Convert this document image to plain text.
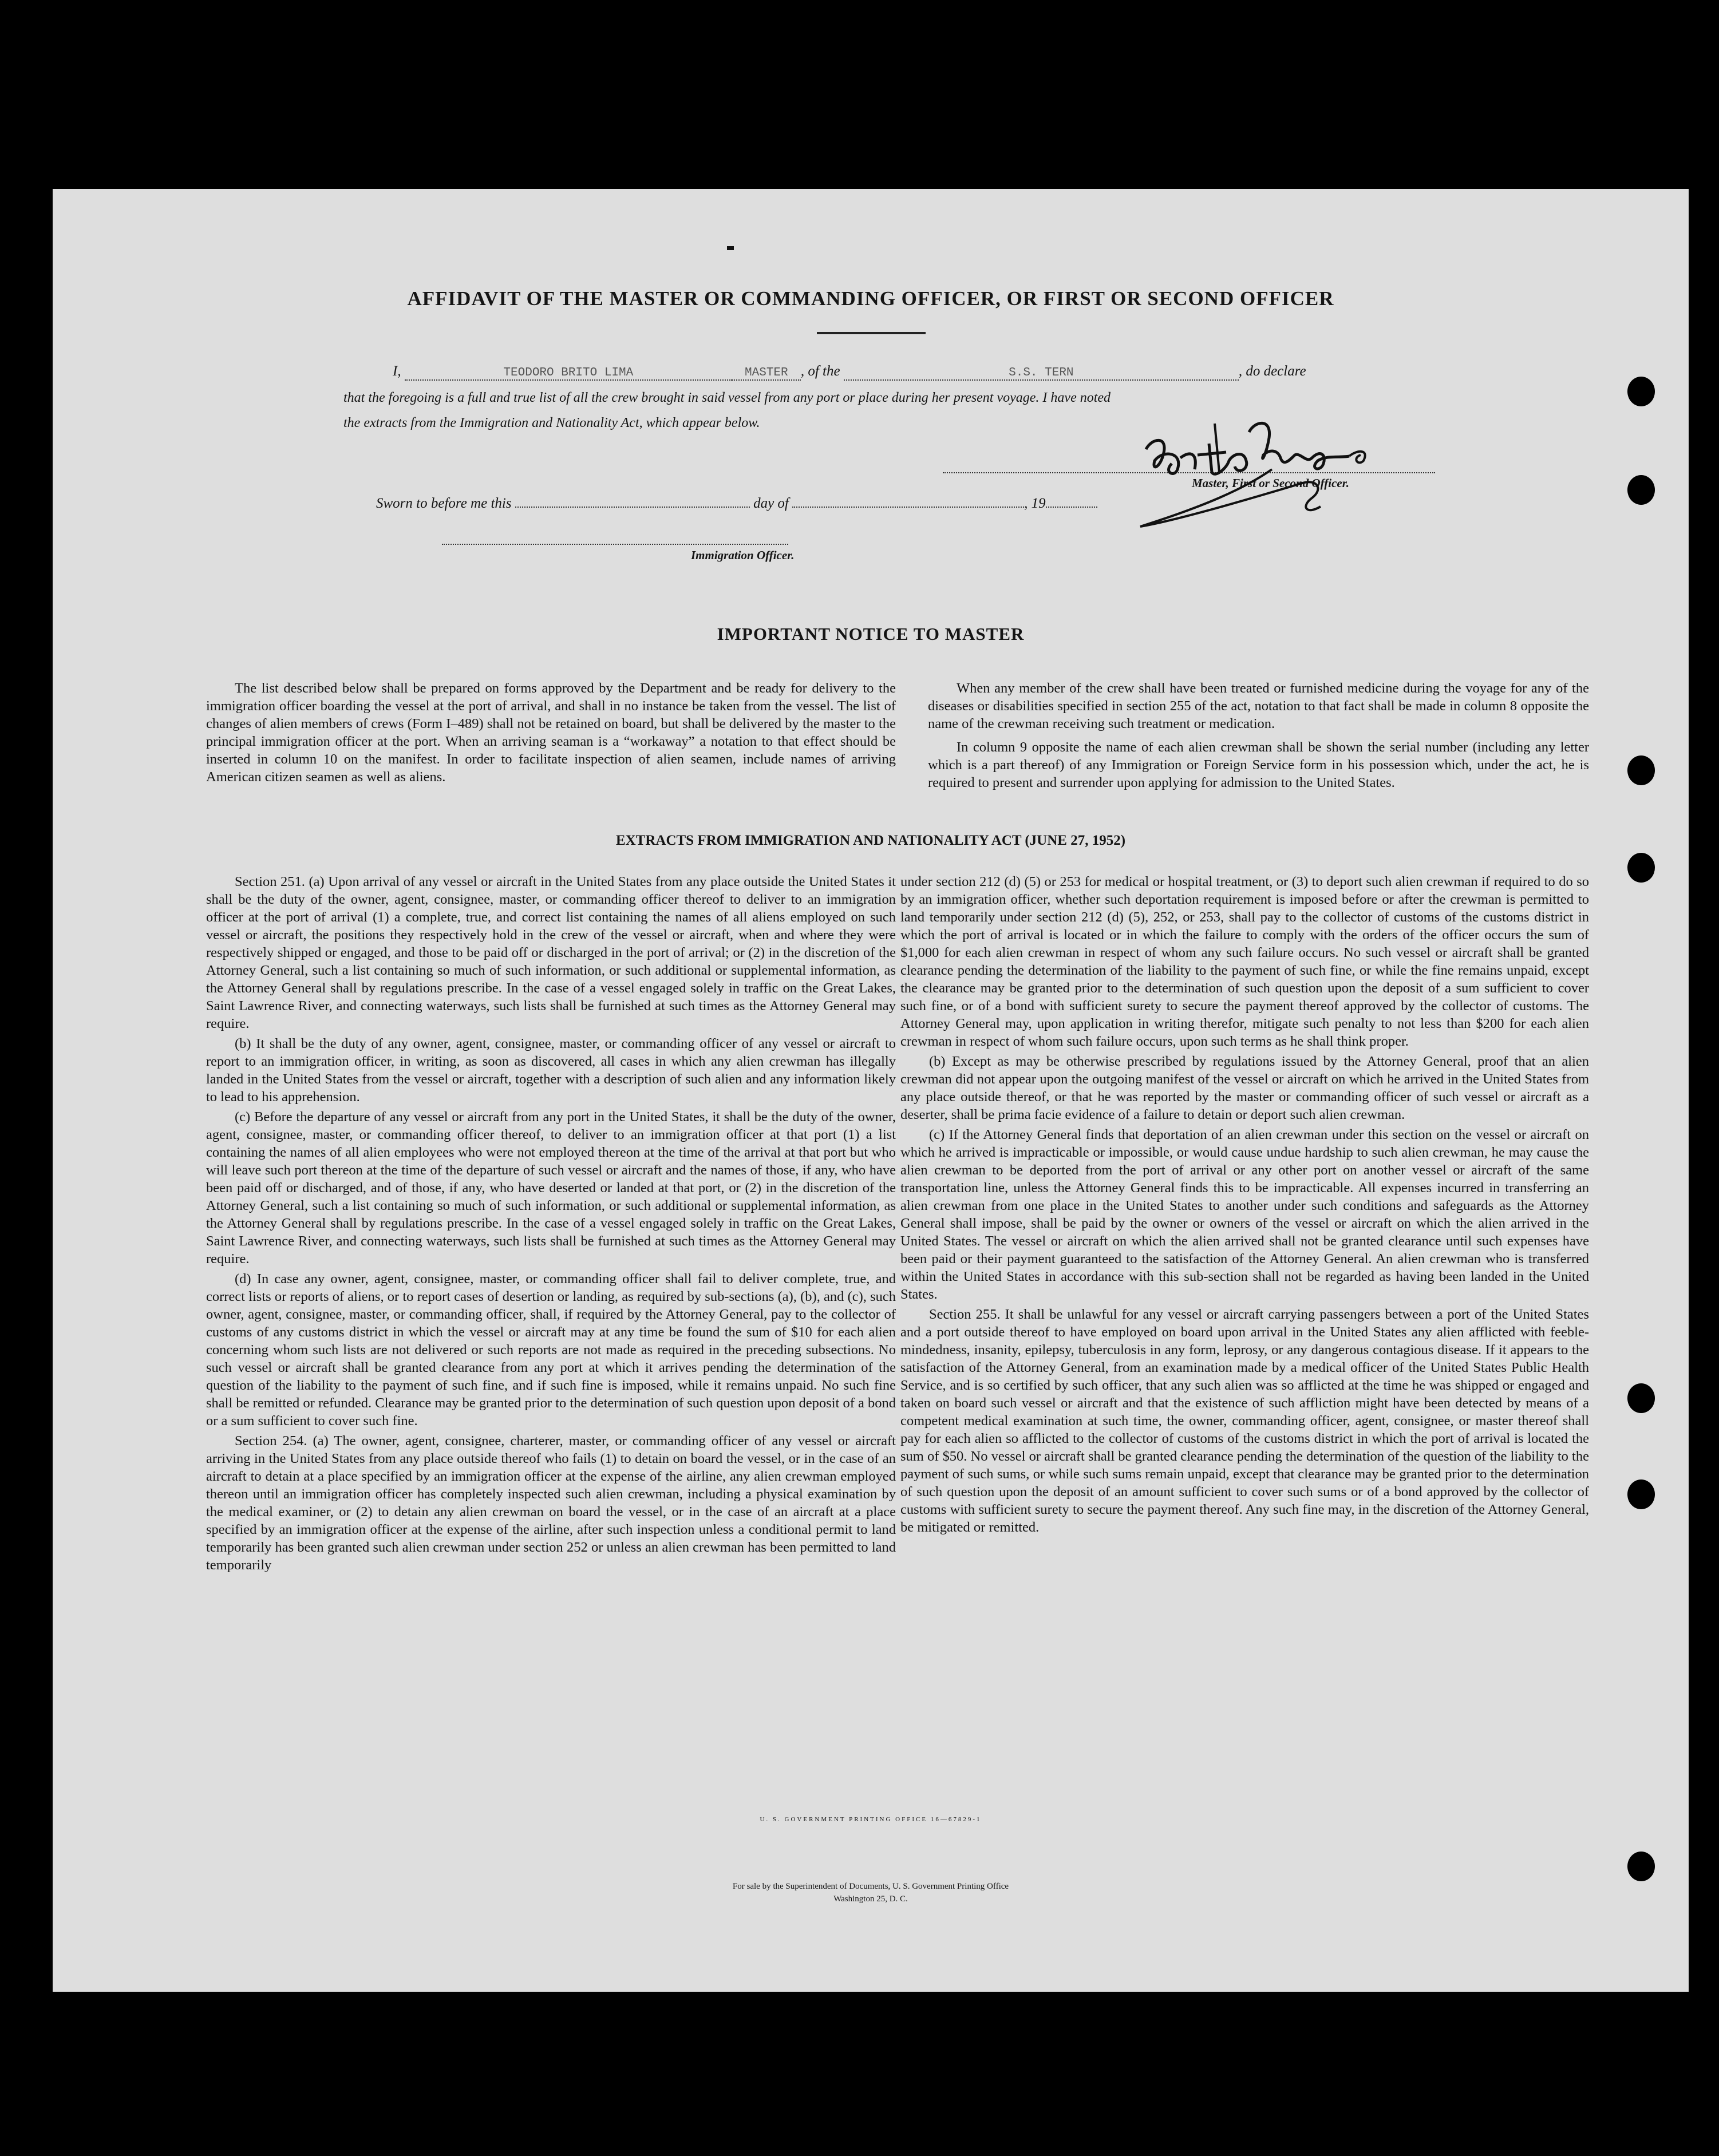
AFFIDAVIT OF THE MASTER OR COMMANDING OFFICER, OR FIRST OR SECOND OFFICER
I,	TEODORO BRITO LIMA	MASTER , of the	S.S. TERN	, do declare
that the foregoing is a full and true list of all the crew brought in said vessel from any port or place during her present voyage. I have noted
the extracts from the Immigration and Nationality Act, which appear below.
Master, First or Second Officer.
Sworn to before me this	day of	, 19
Immigration Officer.
IMPORTANT NOTICE TO MASTER

The list described below shall be prepared on forms approved by the Department and be ready for delivery to the immigration officer boarding the vessel at the port of arrival, and shall in no instance be taken from the vessel. The list of changes of alien members of crews (Form I–489) shall not be retained on board, but shall be delivered by the master to the principal immigration officer at the port. When an arriving seaman is a “workaway” a notation to that effect should be inserted in column 10 on the manifest. In order to facilitate inspection of alien seamen, include names of arriving American citizen seamen as well as aliens.

When any member of the crew shall have been treated or furnished medicine during the voyage for any of the diseases or disabilities specified in section 255 of the act, notation to that fact shall be made in column 8 opposite the name of the crewman receiving such treatment or medication.

In column 9 opposite the name of each alien crewman shall be shown the serial number (including any letter which is a part thereof) of any Immigration or Foreign Service form in his possession which, under the act, he is required to present and surrender upon applying for admission to the United States.

EXTRACTS FROM IMMIGRATION AND NATIONALITY ACT (JUNE 27, 1952)

Section 251. (a) Upon arrival of any vessel or aircraft in the United States from any place outside the United States it shall be the duty of the owner, agent, consignee, master, or commanding officer thereof to deliver to an immigration officer at the port of arrival (1) a complete, true, and correct list containing the names of all aliens employed on such vessel or aircraft, the positions they respectively hold in the crew of the vessel or aircraft, when and where they were respectively shipped or engaged, and those to be paid off or discharged in the port of arrival; or (2) in the discretion of the Attorney General, such a list containing so much of such information, or such additional or supplemental information, as the Attorney General shall by regulations prescribe. In the case of a vessel engaged solely in traffic on the Great Lakes, Saint Lawrence River, and connecting waterways, such lists shall be furnished at such times as the Attorney General may require.

(b) It shall be the duty of any owner, agent, consignee, master, or commanding officer of any vessel or aircraft to report to an immigration officer, in writing, as soon as discovered, all cases in which any alien crewman has illegally landed in the United States from the vessel or aircraft, together with a description of such alien and any information likely to lead to his apprehension.

(c) Before the departure of any vessel or aircraft from any port in the United States, it shall be the duty of the owner, agent, consignee, master, or commanding officer thereof, to deliver to an immigration officer at that port (1) a list containing the names of all alien employees who were not employed thereon at the time of the arrival at that port but who will leave such port thereon at the time of the departure of such vessel or aircraft and the names of those, if any, who have been paid off or discharged, and of those, if any, who have deserted or landed at that port, or (2) in the discretion of the Attorney General, such a list containing so much of such information, or such additional or supplemental information, as the Attorney General shall by regulations prescribe. In the case of a vessel engaged solely in traffic on the Great Lakes, Saint Lawrence River, and connecting waterways, such lists shall be furnished at such times as the Attorney General may require.

(d) In case any owner, agent, consignee, master, or commanding officer shall fail to deliver complete, true, and correct lists or reports of aliens, or to report cases of desertion or landing, as required by sub-sections (a), (b), and (c), such owner, agent, consignee, master, or commanding officer, shall, if required by the Attorney General, pay to the collector of customs of any customs district in which the vessel or aircraft may at any time be found the sum of $10 for each alien concerning whom such lists are not delivered or such reports are not made as required in the preceding subsections. No such vessel or aircraft shall be granted clearance from any port at which it arrives pending the determination of the question of the liability to the payment of such fine, and if such fine is imposed, while it remains unpaid. No such fine shall be remitted or refunded. Clearance may be granted prior to the determination of such question upon deposit of a bond or a sum sufficient to cover such fine.

Section 254. (a) The owner, agent, consignee, charterer, master, or commanding officer of any vessel or aircraft arriving in the United States from any place outside thereof who fails (1) to detain on board the vessel, or in the case of an aircraft to detain at a place specified by an immigration officer at the expense of the airline, any alien crewman employed thereon until an immigration officer has completely inspected such alien crewman, including a physical examination by the medical examiner, or (2) to detain any alien crewman on board the vessel, or in the case of an aircraft at a place specified by an immigration officer at the expense of the airline, after such inspection unless a conditional permit to land temporarily has been granted such alien crewman under section 252 or unless an alien crewman has been permitted to land temporarily

under section 212 (d) (5) or 253 for medical or hospital treatment, or (3) to deport such alien crewman if required to do so by an immigration officer, whether such deportation requirement is imposed before or after the crewman is permitted to land temporarily under section 212 (d) (5), 252, or 253, shall pay to the collector of customs of the customs district in which the port of arrival is located or in which the failure to comply with the orders of the officer occurs the sum of $1,000 for each alien crewman in respect of whom any such failure occurs. No such vessel or aircraft shall be granted clearance pending the determination of the liability to the payment of such fine, or while the fine remains unpaid, except the clearance may be granted prior to the determination of such question upon the deposit of a sum sufficient to cover such fine, or of a bond with sufficient surety to secure the payment thereof approved by the collector of customs. The Attorney General may, upon application in writing therefor, mitigate such penalty to not less than $200 for each alien crewman in respect of whom such failure occurs, upon such terms as he shall think proper.

(b) Except as may be otherwise prescribed by regulations issued by the Attorney General, proof that an alien crewman did not appear upon the outgoing manifest of the vessel or aircraft on which he arrived in the United States from any place outside thereof, or that he was reported by the master or commanding officer of such vessel or aircraft as a deserter, shall be prima facie evidence of a failure to detain or deport such alien crewman.

(c) If the Attorney General finds that deportation of an alien crewman under this section on the vessel or aircraft on which he arrived is impracticable or impossible, or would cause undue hardship to such alien crewman, he may cause the alien crewman to be deported from the port of arrival or any other port on another vessel or aircraft of the same transportation line, unless the Attorney General finds this to be impracticable. All expenses incurred in transferring an alien crewman from one place in the United States to another under such conditions and safeguards as the Attorney General shall impose, shall be paid by the owner or owners of the vessel or aircraft on which the alien arrived in the United States. The vessel or aircraft on which the alien arrived shall not be granted clearance until such expenses have been paid or their payment guaranteed to the satisfaction of the Attorney General. An alien crewman who is transferred within the United States in accordance with this sub-section shall not be regarded as having been landed in the United States.

Section 255. It shall be unlawful for any vessel or aircraft carrying passengers between a port of the United States and a port outside thereof to have employed on board upon arrival in the United States any alien afflicted with feeble-mindedness, insanity, epilepsy, tuberculosis in any form, leprosy, or any dangerous contagious disease. If it appears to the satisfaction of the Attorney General, from an examination made by a medical officer of the United States Public Health Service, and is so certified by such officer, that any such alien was so afflicted at the time he was shipped or engaged and taken on board such vessel or aircraft and that the existence of such affliction might have been detected by means of a competent medical examination at such time, the owner, commanding officer, agent, consignee, or master thereof shall pay for each alien so afflicted to the collector of customs of the customs district in which the port of arrival is located the sum of $50. No vessel or aircraft shall be granted clearance pending the determination of the question of the liability to the payment of such sums, or while such sums remain unpaid, except that clearance may be granted prior to the determination of such question upon the deposit of an amount sufficient to cover such sums or of a bond approved by the collector of customs with sufficient surety to secure the payment thereof. Any such fine may, in the discretion of the Attorney General, be mitigated or remitted.

U. S. GOVERNMENT PRINTING OFFICE 16—67829-1
For sale by the Superintendent of Documents, U. S. Government Printing Office
Washington 25, D. C.
